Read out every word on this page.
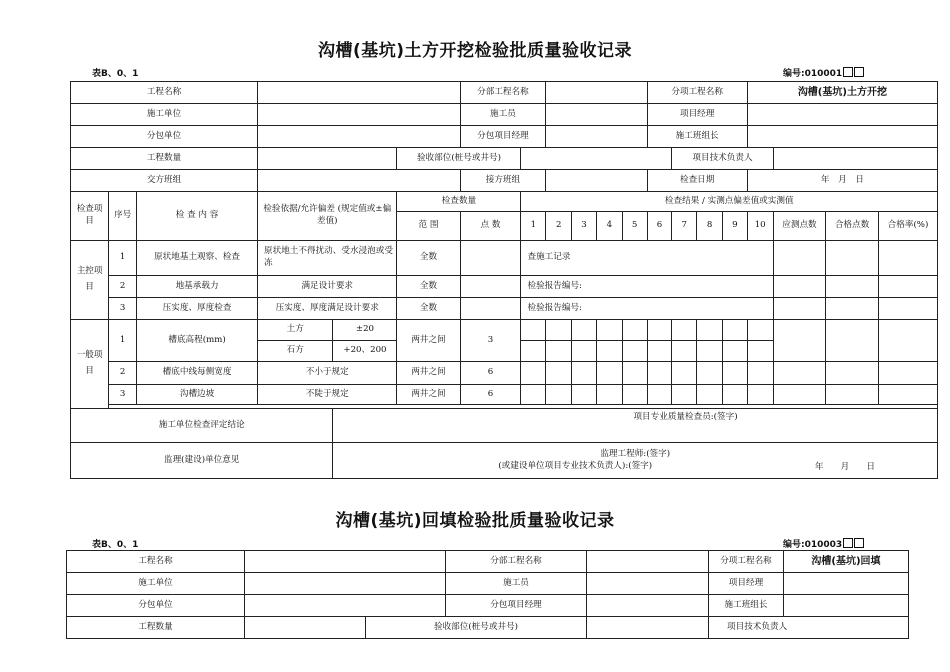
沟槽(基坑)土方开挖检验批质量验收记录
表B、0、1	编号:010001
工程名称						分部工程名称						分项工程名称				沟槽(基坑)土方开挖			
施工单位						施工员						项目经理							
分包单位						分包项目经理						施工班组长							
工程数量					验收部位(桩号或井号)								项目技术负责人						
交方班组						接方班组						检查日期				年　月　日			
检查项目	序号	检 查 内 容	检验依据/允许偏差 (规定值或±偏差值)		检查数量		检查结果 / 实测点偏差值或实测值												
					范 围	点 数	1	2	3	4	5	6	7	8	9	10	应测点数	合格点数	合格率(%)
主控项目	1	原状地基土观察、检查	原状地土不得扰动、受水浸泡或受冻		全数		查施工记录												
	2	地基承载力	满足设计要求		全数		检验报告编号:												
	3	压实度、厚度检查	压实度、厚度满足设计要求		全数		检验报告编号:												
一般项目	1	槽底高程(mm)	土方	±20	两井之间	3													
			石方	+20、200															
	2	槽底中线每侧宽度	不小于规定		两井之间	6													
	3	沟槽边坡	不陡于规定		两井之间	6													

施工单位检查评定结论				项目专业质量检查员:(签字)															
监理(建设)单位意见				监理工程师:(签字)
(或建设单位项目专业技术负责人):(签字) 年　　月　　日															
沟槽(基坑)回填检验批质量验收记录
表B、0、1	编号:010003
工程名称			分部工程名称		分项工程名称	沟槽(基坑)回填
施工单位			施工员		项目经理	
分包单位			分包项目经理		施工班组长	
工程数量		验收部位(桩号或井号)			项目技术负责人	
